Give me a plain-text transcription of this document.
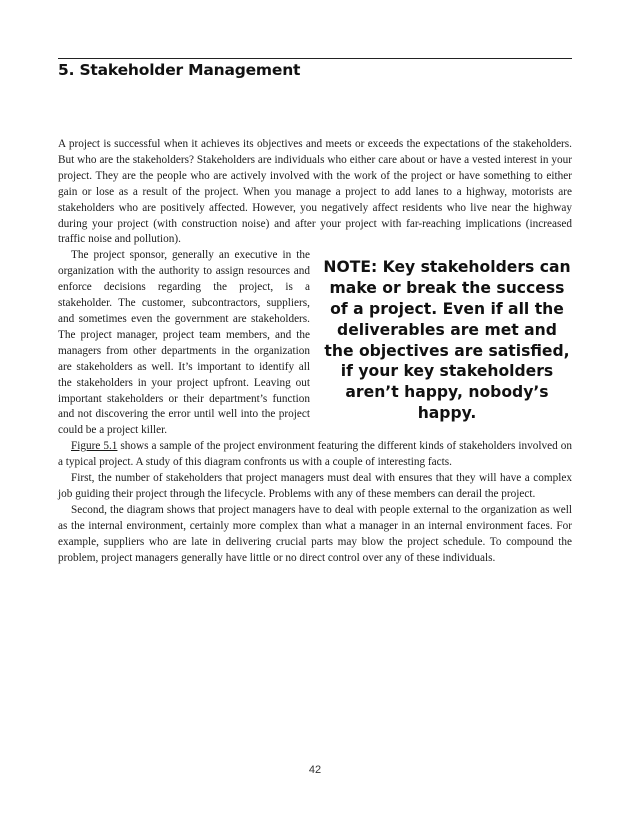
5. Stakeholder Management

A project is successful when it achieves its objectives and meets or exceeds the expectations of the stakeholders. But who are the stakeholders? Stakeholders are individuals who either care about or have a vested interest in your project. They are the people who are actively involved with the work of the project or have something to either gain or lose as a result of the project. When you manage a project to add lanes to a highway, motorists are stakeholders who are positively affected. However, you negatively affect residents who live near the highway during your project (with construction noise) and after your project with far-reaching implications (increased traffic noise and pollution).

NOTE: Key stakeholders can make or break the success of a project. Even if all the deliverables are met and the objectives are satisfied, if your key stakeholders aren’t happy, nobody’s happy.

The project sponsor, generally an executive in the organization with the authority to assign resources and enforce decisions regarding the project, is a stakeholder. The customer, subcontractors, suppliers, and sometimes even the government are stakeholders. The project manager, project team members, and the managers from other departments in the organization are stakeholders as well. It’s important to identify all the stakeholders in your project upfront. Leaving out important stakeholders or their department’s function and not discovering the error until well into the project could be a project killer.

Figure 5.1 shows a sample of the project environment featuring the different kinds of stakeholders involved on a typical project. A study of this diagram confronts us with a couple of interesting facts.

First, the number of stakeholders that project managers must deal with ensures that they will have a complex job guiding their project through the lifecycle. Problems with any of these members can derail the project.

Second, the diagram shows that project managers have to deal with people external to the organization as well as the internal environment, certainly more complex than what a manager in an internal environment faces. For example, suppliers who are late in delivering crucial parts may blow the project schedule. To compound the problem, project managers generally have little or no direct control over any of these individuals.

42
